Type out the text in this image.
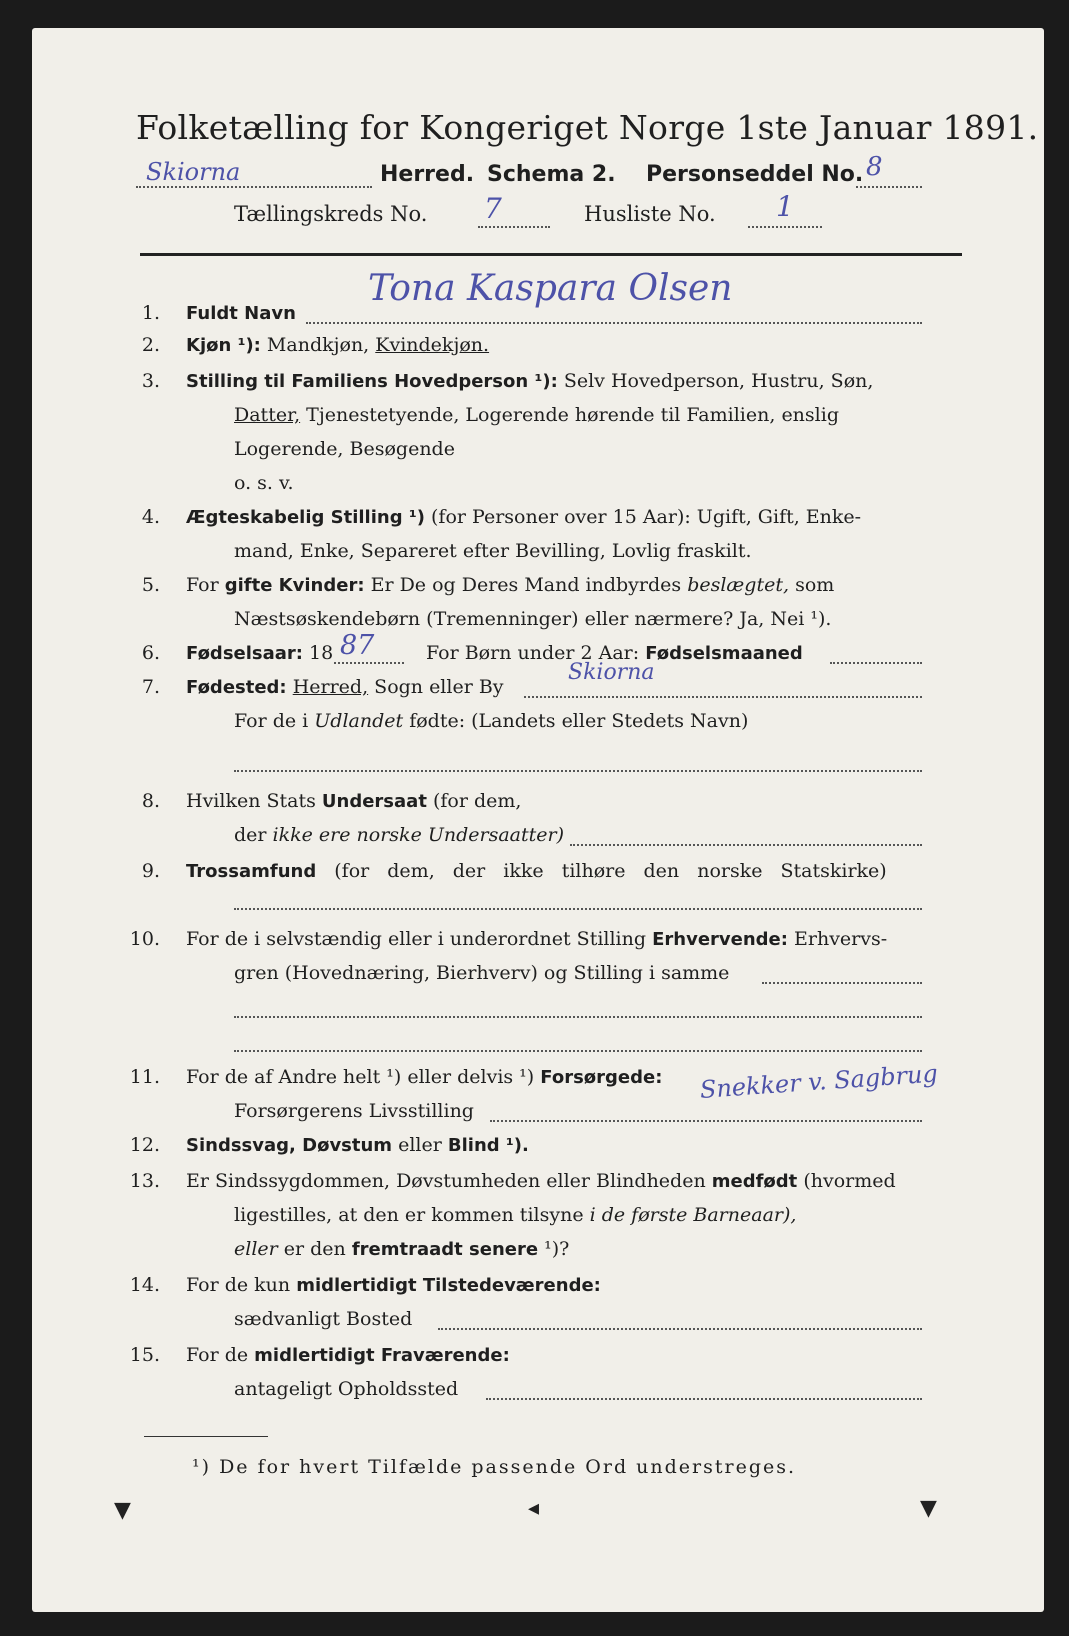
Folketælling for Kongeriget Norge 1ste Januar 1891.
Skiorna	Herred. Schema 2. Personseddel No. 8
Tællingskreds No. 7	Husliste No. 1
1. Fuldt Navn
Tona Kaspara Olsen
2. Kjøn ¹): Mandkjøn, Kvindekjøn.
3. Stilling til Familiens Hovedperson ¹): Selv Hovedperson, Hustru, Søn,
Datter, Tjenestetyende, Logerende hørende til Familien, enslig
Logerende, Besøgende
o. s. v.
4. Ægteskabelig Stilling ¹) (for Personer over 15 Aar): Ugift, Gift, Enke-
mand, Enke, Separeret efter Bevilling, Lovlig fraskilt.
5. For gifte Kvinder: Er De og Deres Mand indbyrdes beslægtet, som
Næstsøskendebørn (Tremenninger) eller nærmere? Ja, Nei ¹).
6. Fødselsaar: 18 87	For Børn under 2 Aar: Fødselsmaaned
7. Fødested: Herred, Sogn eller By
Skiorna
For de i Udlandet fødte: (Landets eller Stedets Navn)
8. Hvilken Stats Undersaat (for dem,
der ikke ere norske Undersaatter)
9. Trossamfund (for dem, der ikke tilhøre den norske Statskirke)
10. For de i selvstændig eller i underordnet Stilling Erhvervende: Erhvervs-
gren (Hovednæring, Bierhverv) og Stilling i samme
11. For de af Andre helt ¹) eller delvis ¹) Forsørgede:
Forsørgerens Livsstilling
Snekker v. Sagbrug
12. Sindssvag, Døvstum eller Blind ¹).
13. Er Sindssygdommen, Døvstumheden eller Blindheden medfødt (hvormed
ligestilles, at den er kommen tilsyne i de første Barneaar),
eller er den fremtraadt senere ¹)?
14. For de kun midlertidigt Tilstedeværende:
sædvanligt Bosted
15. For de midlertidigt Fraværende:
antageligt Opholdssted
¹) De for hvert Tilfælde passende Ord understreges.
▼	◂	▼
